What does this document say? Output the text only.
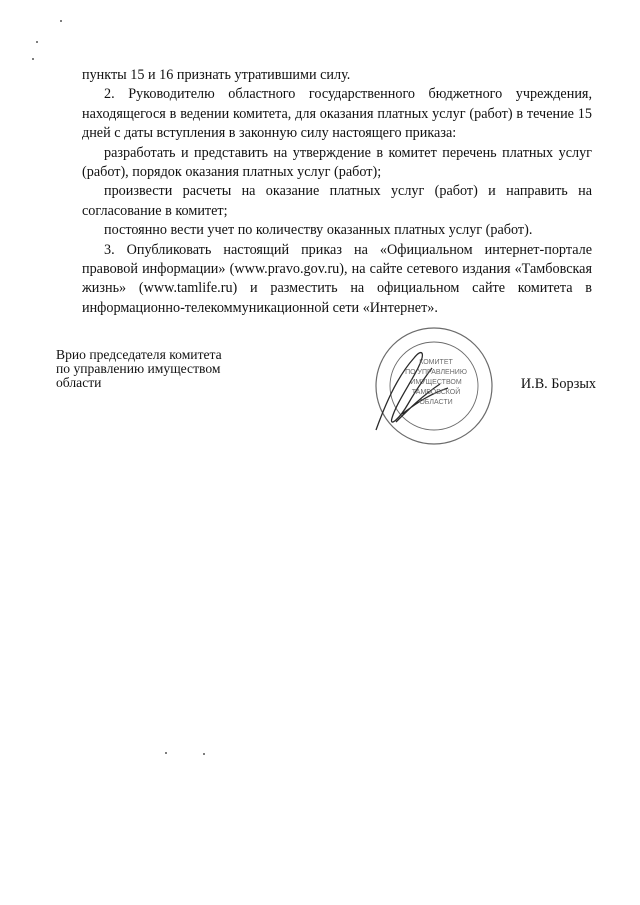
пункты 15 и 16 признать утратившими силу.

2. Руководителю областного государственного бюджетного учреждения, находящегося в ведении комитета, для оказания платных услуг (работ) в течение 15 дней с даты вступления в законную силу настоящего приказа:

разработать и представить на утверждение в комитет перечень платных услуг (работ), порядок оказания платных услуг (работ);

произвести расчеты на оказание платных услуг (работ) и направить на согласование в комитет;

постоянно вести учет по количеству оказанных платных услуг (работ).

3. Опубликовать настоящий приказ на «Официальном интернет-портале правовой информации» (www.pravo.gov.ru), на сайте сетевого издания «Тамбовская жизнь» (www.tamlife.ru) и разместить на официальном сайте комитета в информационно-телекоммуникационной сети «Интернет».

Врио председателя комитета
по управлению имуществом
области
КОМИТЕТ
ПО УПРАВЛЕНИЮ
ИМУЩЕСТВОМ
ТАМБОВСКОЙ
ОБЛАСТИ
И.В. Борзых
